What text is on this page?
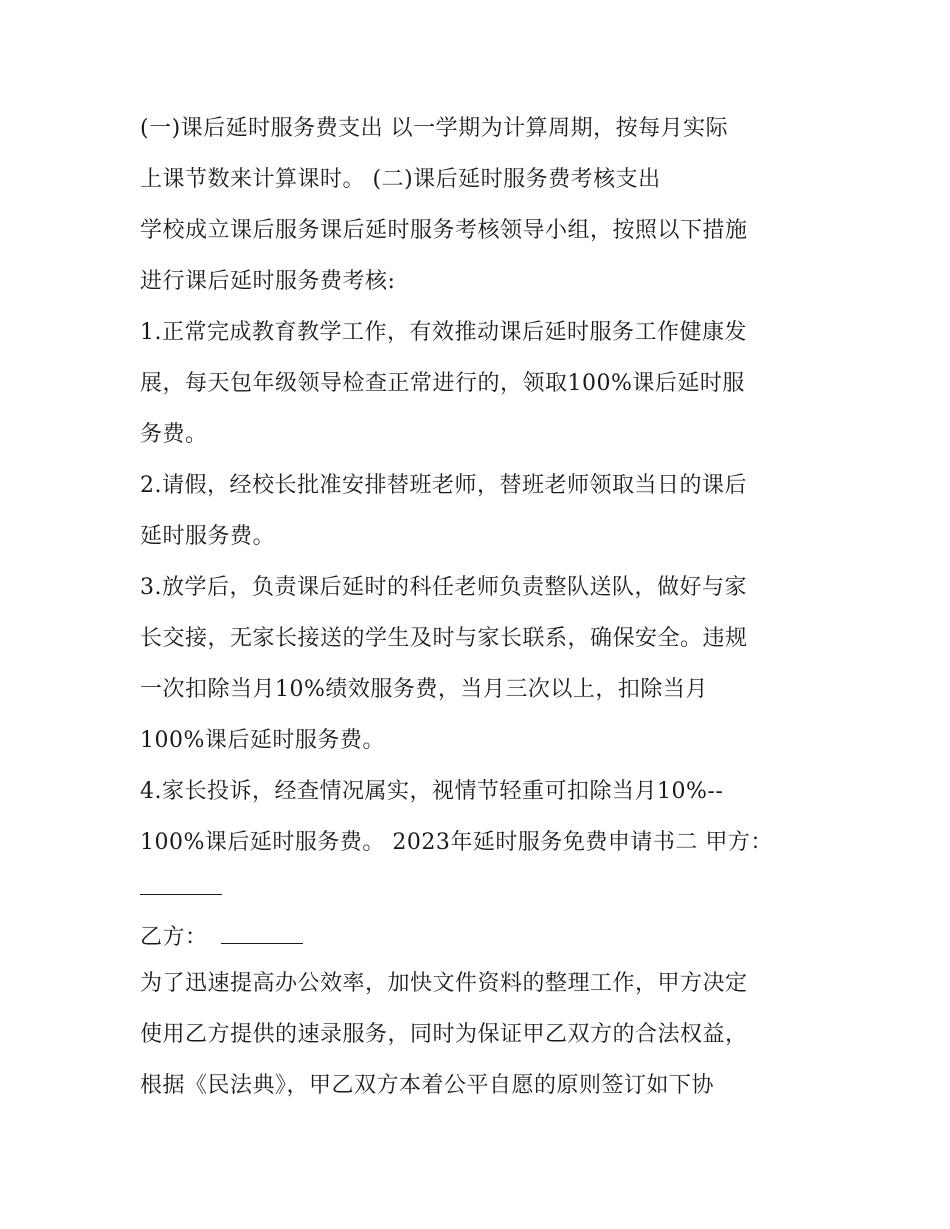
(一)课后延时服务费支出 以一学期为计算周期，按每月实际
上课节数来计算课时。 (二)课后延时服务费考核支出
学校成立课后服务课后延时服务考核领导小组，按照以下措施
进行课后延时服务费考核:
1.正常完成教育教学工作，有效推动课后延时服务工作健康发
展，每天包年级领导检查正常进行的，领取100%课后延时服
务费。
2.请假，经校长批准安排替班老师，替班老师领取当日的课后
延时服务费。
3.放学后，负责课后延时的科任老师负责整队送队，做好与家
长交接，无家长接送的学生及时与家长联系，确保安全。违规
一次扣除当月10%绩效服务费，当月三次以上，扣除当月
100%课后延时服务费。
4.家长投诉，经查情况属实，视情节轻重可扣除当月10%--
100%课后延时服务费。 2023年延时服务免费申请书二 甲方：
乙方：
为了迅速提高办公效率，加快文件资料的整理工作，甲方决定
使用乙方提供的速录服务，同时为保证甲乙双方的合法权益，
根据《民法典》，甲乙双方本着公平自愿的原则签订如下协
